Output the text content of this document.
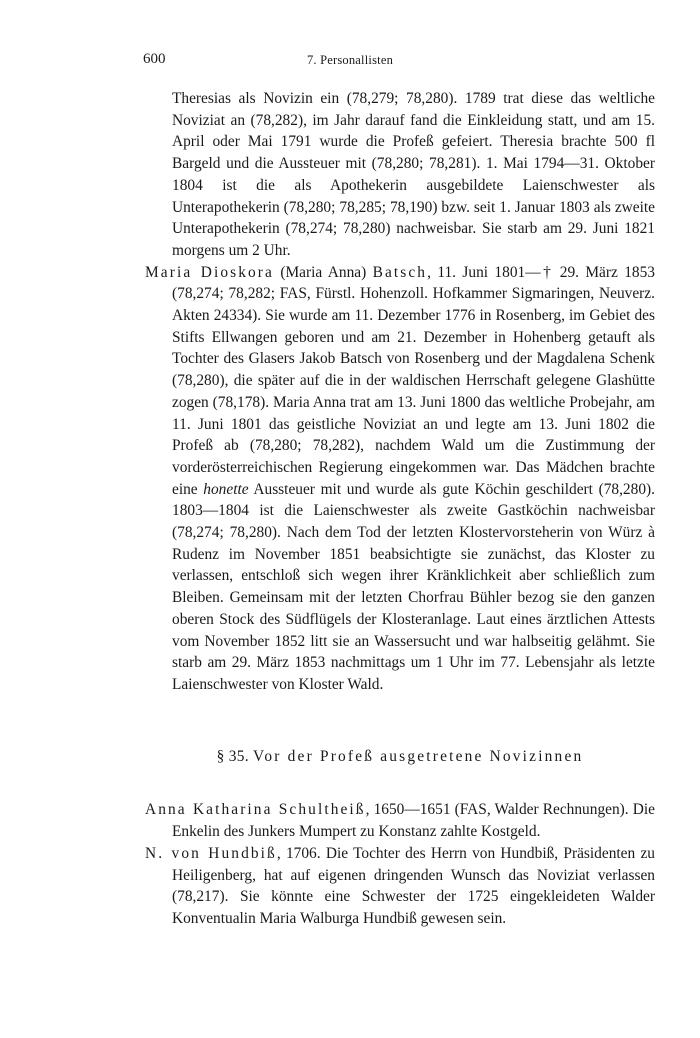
600	7. Personallisten

Theresias als Novizin ein (78,279; 78,280). 1789 trat diese das weltliche Noviziat an (78,282), im Jahr darauf fand die Einkleidung statt, und am 15. April oder Mai 1791 wurde die Profeß gefeiert. Theresia brachte 500 fl Bargeld und die Aussteuer mit (78,280; 78,281). 1. Mai 1794—31. Oktober 1804 ist die als Apothekerin ausgebildete Laienschwester als Unterapothekerin (78,280; 78,285; 78,190) bzw. seit 1. Januar 1803 als zweite Unterapothekerin (78,274; 78,280) nachweisbar. Sie starb am 29. Juni 1821 morgens um 2 Uhr.

Maria Dioskora (Maria Anna) Batsch, 11. Juni 1801—† 29. März 1853 (78,274; 78,282; FAS, Fürstl. Hohenzoll. Hofkammer Sigmaringen, Neuverz. Akten 24334). Sie wurde am 11. Dezember 1776 in Rosenberg, im Gebiet des Stifts Ellwangen geboren und am 21. Dezember in Hohenberg getauft als Tochter des Glasers Jakob Batsch von Rosenberg und der Magdalena Schenk (78,280), die später auf die in der waldischen Herrschaft gelegene Glashütte zogen (78,178). Maria Anna trat am 13. Juni 1800 das weltliche Probejahr, am 11. Juni 1801 das geistliche Noviziat an und legte am 13. Juni 1802 die Profeß ab (78,280; 78,282), nachdem Wald um die Zustimmung der vorderösterreichischen Regierung eingekommen war. Das Mädchen brachte eine honette Aussteuer mit und wurde als gute Köchin geschildert (78,280). 1803—1804 ist die Laienschwester als zweite Gastköchin nachweisbar (78,274; 78,280). Nach dem Tod der letzten Klostervorsteherin von Würz à Rudenz im November 1851 beabsichtigte sie zunächst, das Kloster zu verlassen, entschloß sich wegen ihrer Kränklichkeit aber schließlich zum Bleiben. Gemeinsam mit der letzten Chorfrau Bühler bezog sie den ganzen oberen Stock des Südflügels der Klosteranlage. Laut eines ärztlichen Attests vom November 1852 litt sie an Wassersucht und war halbseitig gelähmt. Sie starb am 29. März 1853 nachmittags um 1 Uhr im 77. Lebensjahr als letzte Laienschwester von Kloster Wald.

§ 35. Vor der Profeß ausgetretene Novizinnen

Anna Katharina Schultheiß, 1650—1651 (FAS, Walder Rechnungen). Die Enkelin des Junkers Mumpert zu Konstanz zahlte Kostgeld.

N. von Hundbiß, 1706. Die Tochter des Herrn von Hundbiß, Präsidenten zu Heiligenberg, hat auf eigenen dringenden Wunsch das Noviziat verlassen (78,217). Sie könnte eine Schwester der 1725 eingekleideten Walder Konventualin Maria Walburga Hundbiß gewesen sein.
